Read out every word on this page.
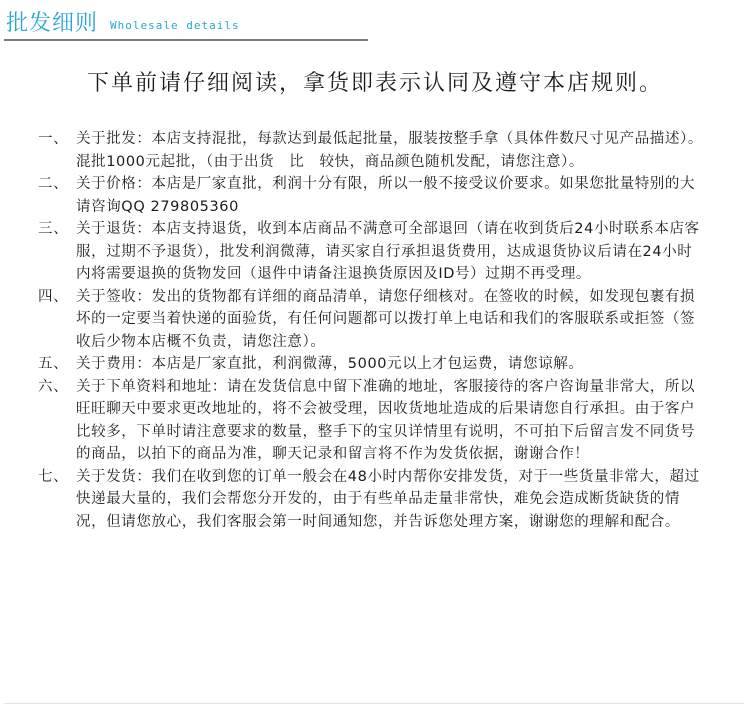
批发细则 Wholesale details
下单前请仔细阅读，拿货即表示认同及遵守本店规则。
一、 关于批发：本店支持混批，每款达到最低起批量，服装按整手拿（具体件数尺寸见产品描述）。混批1000元起批，（由于出货　比　较快，商品颜色随机发配，请您注意）。
二、 关于价格：本店是厂家直批，利润十分有限，所以一般不接受议价要求。如果您批量特别的大请咨询QQ 279805360
三、 关于退货：本店支持退货，收到本店商品不满意可全部退回（请在收到货后24小时联系本店客服，过期不予退货），批发利润微薄，请买家自行承担退货费用，达成退货协议后请在24小时内将需要退换的货物发回（退件中请备注退换货原因及ID号）过期不再受理。
四、 关于签收：发出的货物都有详细的商品清单，请您仔细核对。在签收的时候，如发现包裹有损坏的一定要当着快递的面验货，有任何问题都可以拨打单上电话和我们的客服联系或拒签（签收后少物本店概不负责，请您注意）。
五、 关于费用：本店是厂家直批，利润微薄，5000元以上才包运费，请您谅解。
六、 关于下单资料和地址：请在发货信息中留下准确的地址，客服接待的客户咨询量非常大，所以旺旺聊天中要求更改地址的，将不会被受理，因收货地址造成的后果请您自行承担。由于客户比较多，下单时请注意要求的数量，整手下的宝贝详情里有说明，不可拍下后留言发不同货号的商品，以拍下的商品为准，聊天记录和留言将不作为发货依据，谢谢合作！
七、 关于发货：我们在收到您的订单一般会在48小时内帮你安排发货，对于一些货量非常大，超过快递最大量的，我们会帮您分开发的，由于有些单品走量非常快，难免会造成断货缺货的情况，但请您放心，我们客服会第一时间通知您，并告诉您处理方案，谢谢您的理解和配合。
